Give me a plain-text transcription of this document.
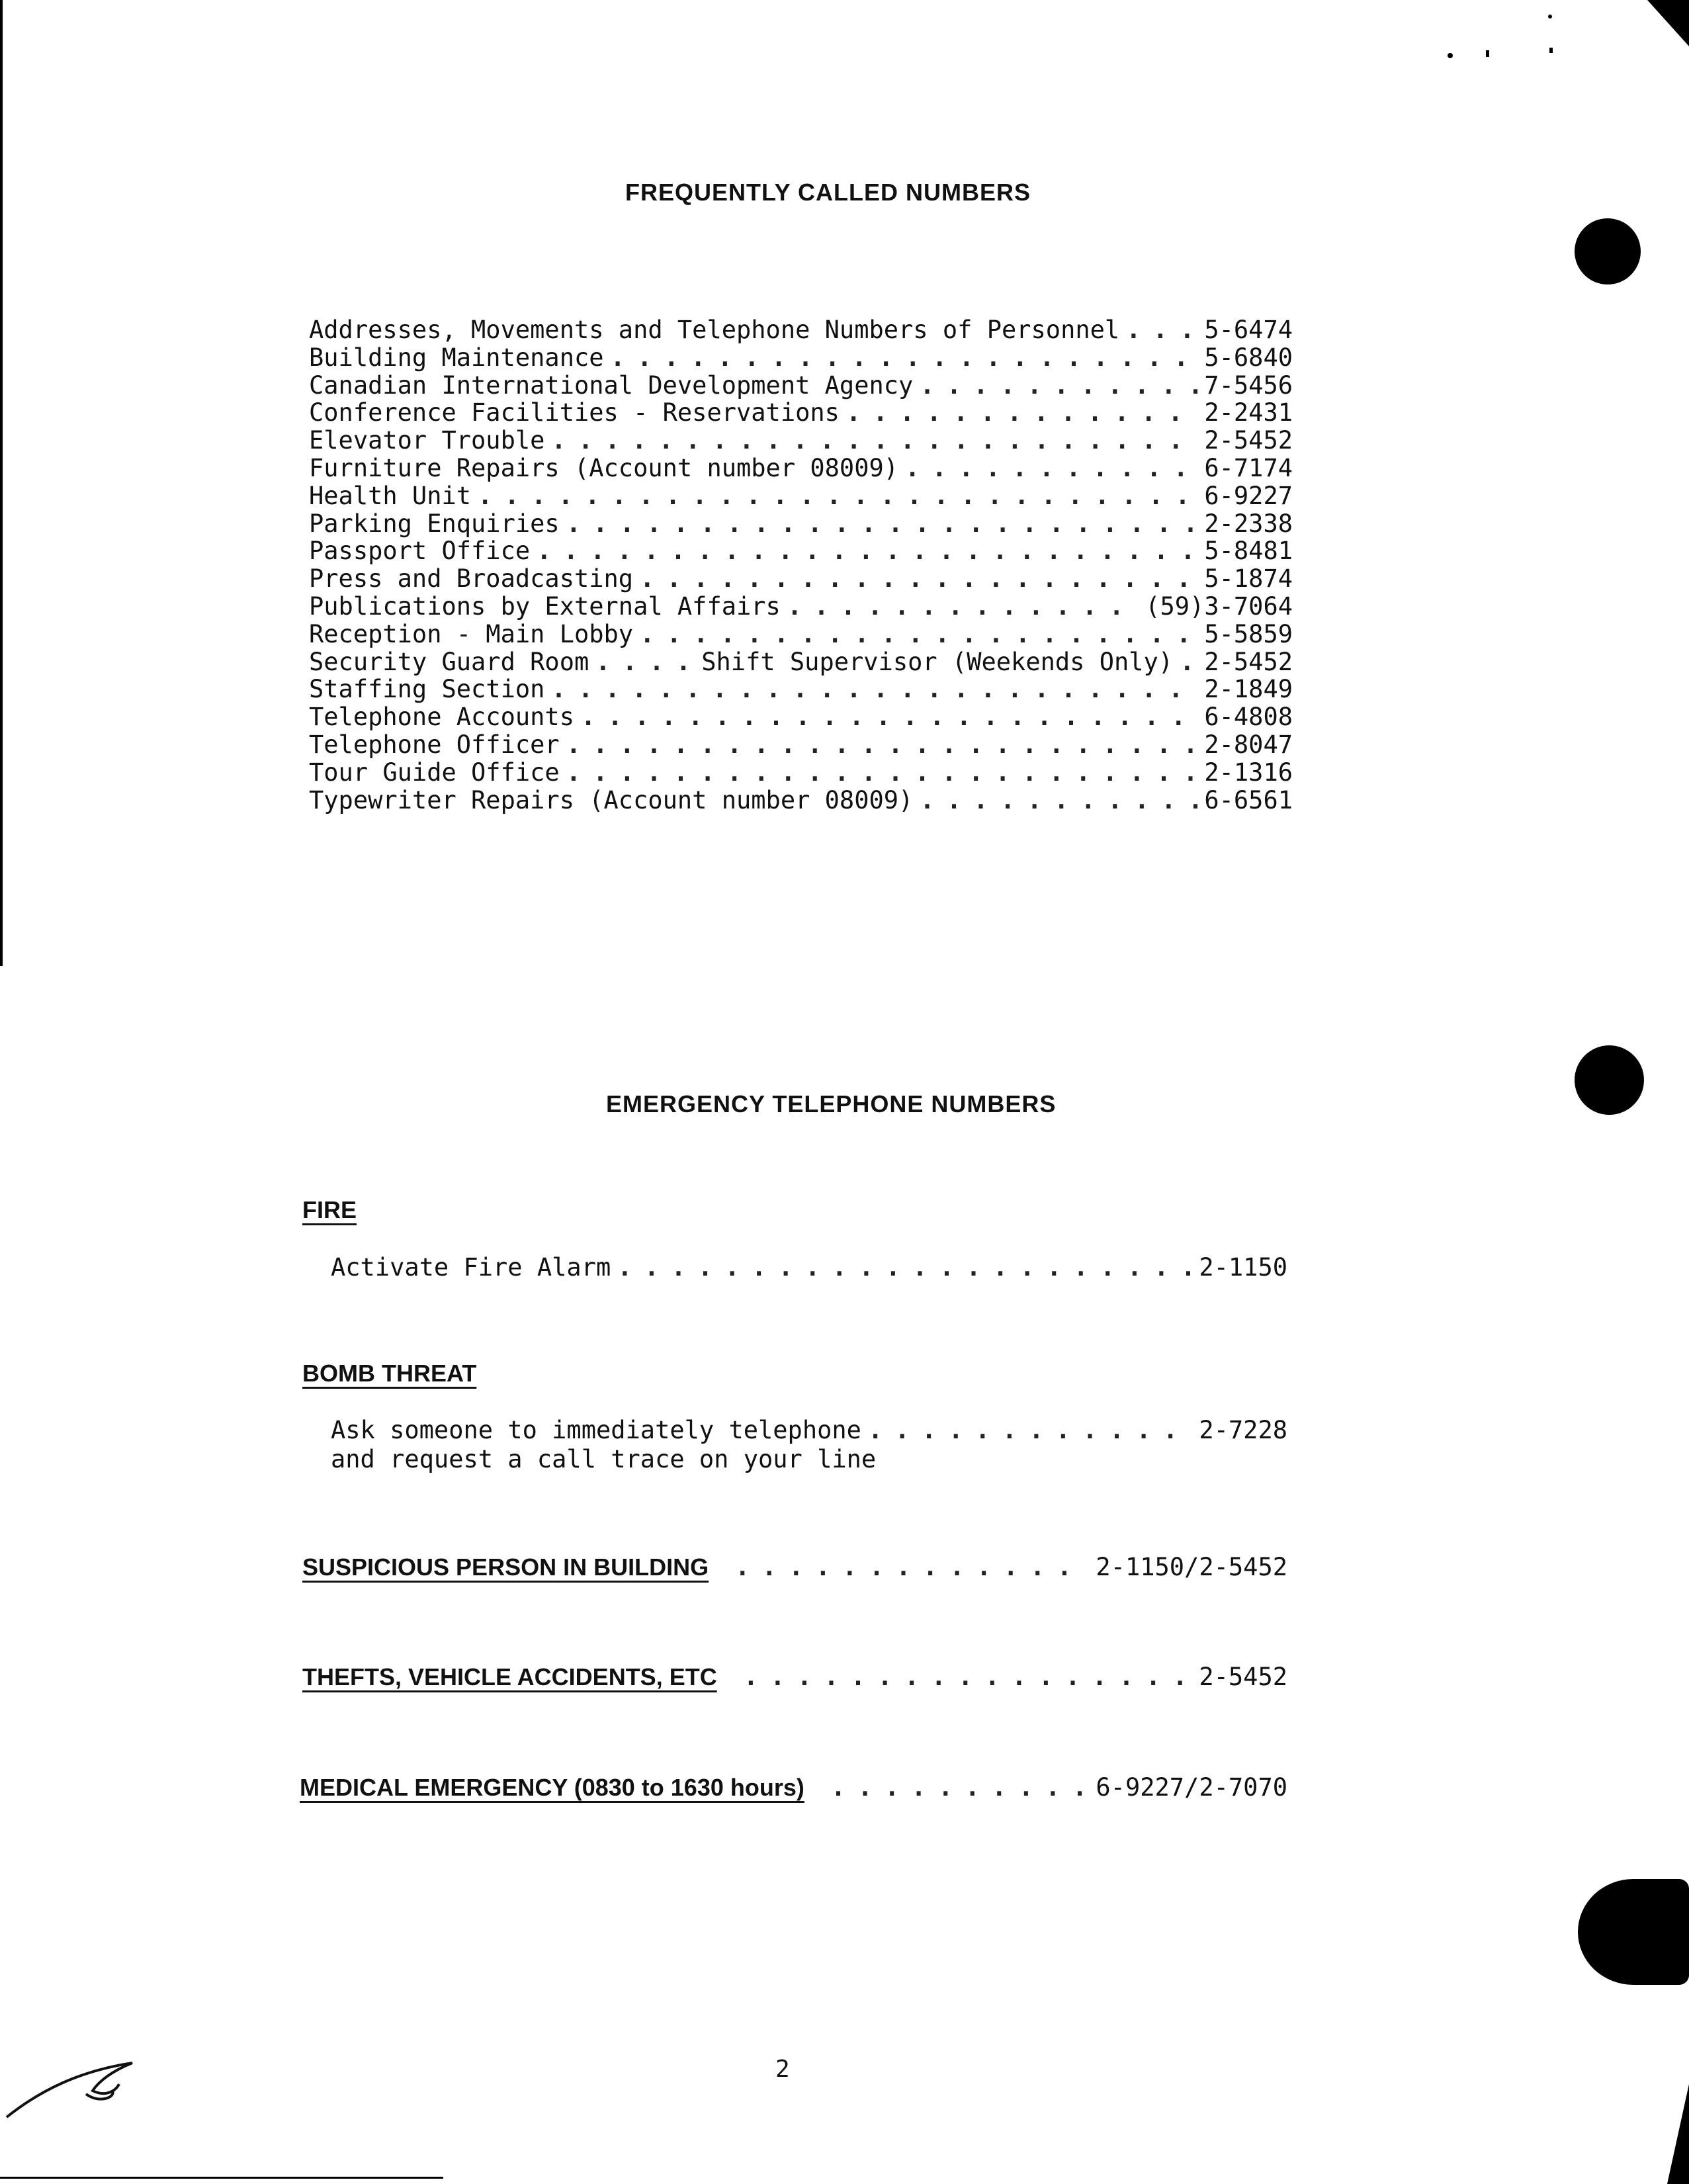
FREQUENTLY CALLED NUMBERS
Addresses, Movements and Telephone Numbers of Personnel . . .	5-6474
Building Maintenance . . .	5-6840
Canadian International Development Agency . . .	7-5456
Conference Facilities - Reservations . . .	2-2431
Elevator Trouble . . .	2-5452
Furniture Repairs (Account number 08009) . . .	6-7174
Health Unit . . .	6-9227
Parking Enquiries . . .	2-2338
Passport Office . . .	5-8481
Press and Broadcasting . . .	5-1874
Publications by External Affairs . . .	(59)3-7064
Reception - Main Lobby . . .	5-5859
Security Guard Room . . .	Shift Supervisor (Weekends Only) . . . 2-5452
Staffing Section . . .	2-1849
Telephone Accounts . . .	6-4808
Telephone Officer . . .	2-8047
Tour Guide Office . . .	2-1316
Typewriter Repairs (Account number 08009) . . .	6-6561
EMERGENCY TELEPHONE NUMBERS
FIRE
Activate Fire Alarm . . .	2-1150
BOMB THREAT
Ask someone to immediately telephone . . .	2-7228
and request a call trace on your line
SUSPICIOUS PERSON IN BUILDING . . .	2-1150/2-5452
THEFTS, VEHICLE ACCIDENTS, ETC . . .	2-5452
MEDICAL EMERGENCY (0830 to 1630 hours) . . .	6-9227/2-7070
2
